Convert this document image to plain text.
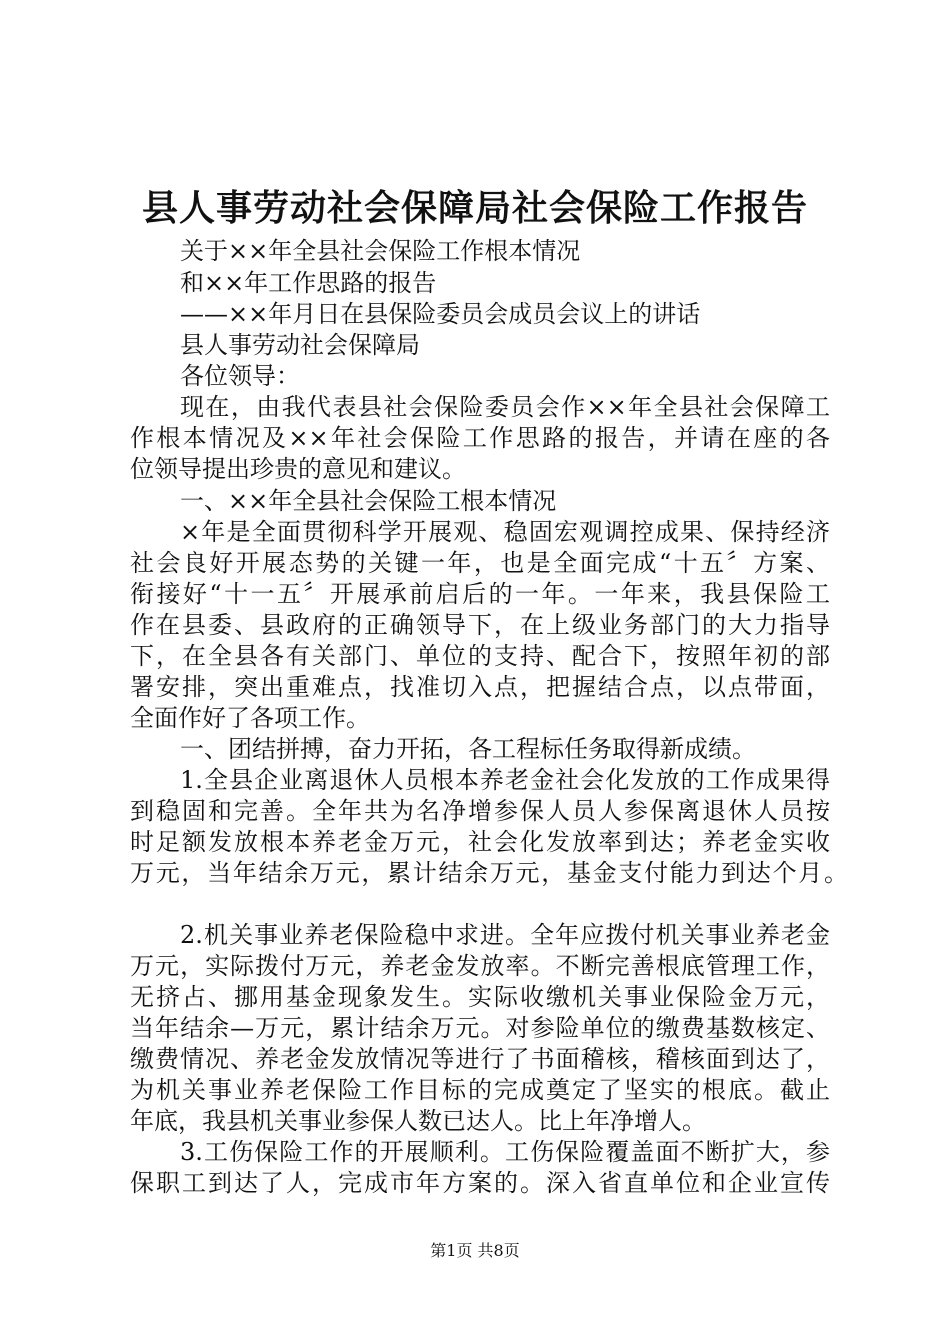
县人事劳动社会保障局社会保险工作报告
关于××年全县社会保险工作根本情况
和××年工作思路的报告
——××年月日在县保险委员会成员会议上的讲话
县人事劳动社会保障局
各位领导：
现在，由我代表县社会保险委员会作××年全县社会保障工
作根本情况及××年社会保险工作思路的报告，并请在座的各
位领导提出珍贵的意见和建议。
一、××年全县社会保险工根本情况
×年是全面贯彻科学开展观、稳固宏观调控成果、保持经济
社会良好开展态势的关键一年，也是全面完成“十五〞方案、
衔接好“十一五〞开展承前启后的一年。一年来，我县保险工
作在县委、县政府的正确领导下，在上级业务部门的大力指导
下，在全县各有关部门、单位的支持、配合下，按照年初的部
署安排，突出重难点，找准切入点，把握结合点，以点带面，
全面作好了各项工作。
一、团结拼搏，奋力开拓，各工程标任务取得新成绩。
1.全县企业离退休人员根本养老金社会化发放的工作成果得
到稳固和完善。全年共为名净增参保人员人参保离退休人员按
时足额发放根本养老金万元，社会化发放率到达；养老金实收
万元，当年结余万元，累计结余万元，基金支付能力到达个月。
2.机关事业养老保险稳中求进。全年应拨付机关事业养老金
万元，实际拨付万元，养老金发放率。不断完善根底管理工作，
无挤占、挪用基金现象发生。实际收缴机关事业保险金万元，
当年结余—万元，累计结余万元。对参险单位的缴费基数核定、
缴费情况、养老金发放情况等进行了书面稽核，稽核面到达了，
为机关事业养老保险工作目标的完成奠定了坚实的根底。截止
年底，我县机关事业参保人数已达人。比上年净增人。
3.工伤保险工作的开展顺利。工伤保险覆盖面不断扩大，参
保职工到达了人，完成市年方案的。深入省直单位和企业宣传
第1页 共8页
